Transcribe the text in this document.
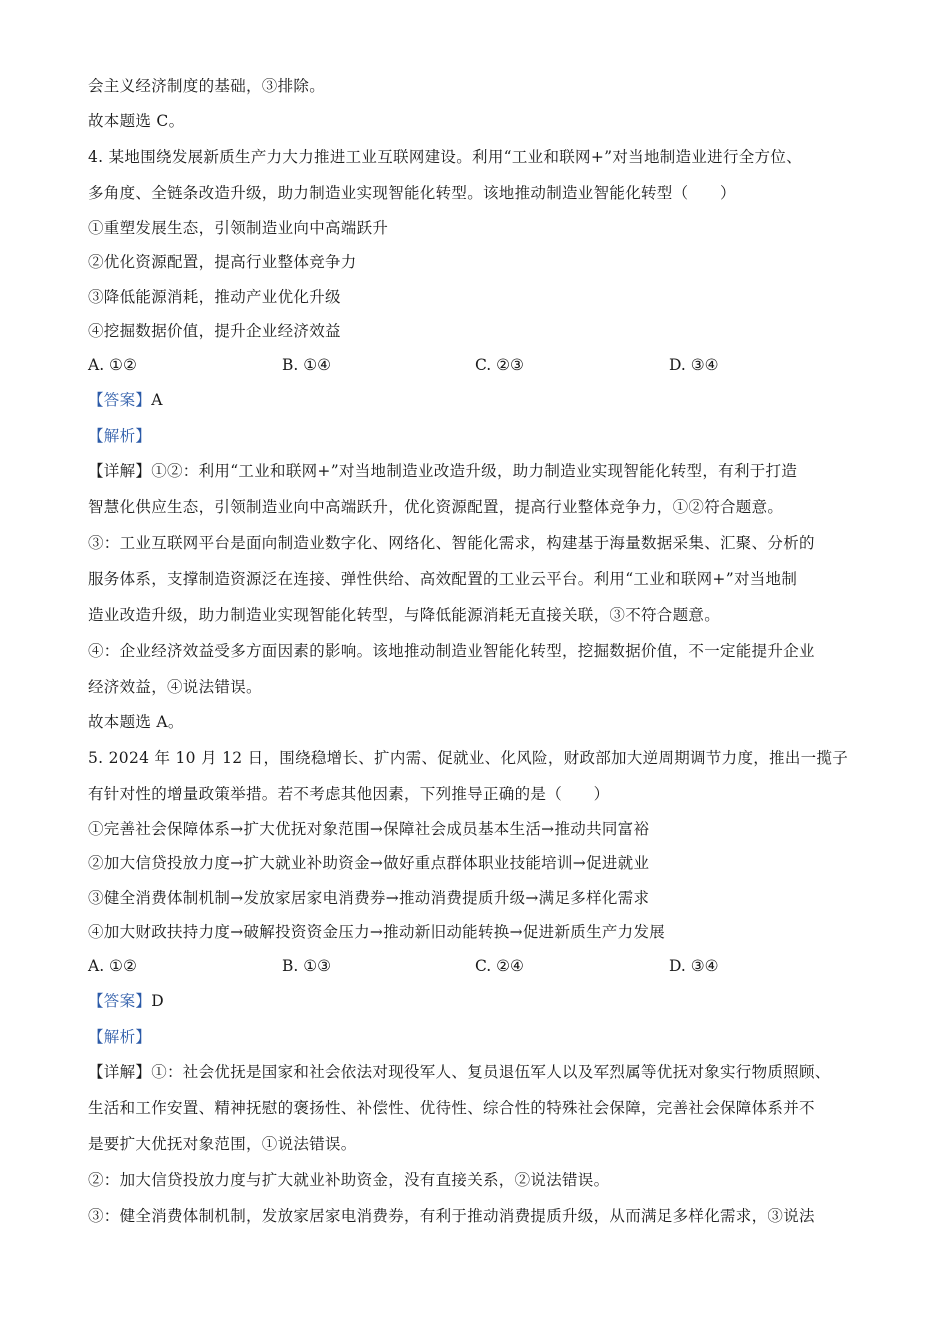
会主义经济制度的基础，③排除。
故本题选 C。
4. 某地围绕发展新质生产力大力推进工业互联网建设。利用“工业和联网+”对当地制造业进行全方位、
多角度、全链条改造升级，助力制造业实现智能化转型。该地推动制造业智能化转型（　　）
①重塑发展生态，引领制造业向中高端跃升
②优化资源配置，提高行业整体竞争力
③降低能源消耗，推动产业优化升级
④挖掘数据价值，提升企业经济效益
A. ①②	B. ①④	C. ②③	D. ③④
【答案】A
【解析】
【详解】①②：利用“工业和联网+”对当地制造业改造升级，助力制造业实现智能化转型，有利于打造
智慧化供应生态，引领制造业向中高端跃升，优化资源配置，提高行业整体竞争力，①②符合题意。
③：工业互联网平台是面向制造业数字化、网络化、智能化需求，构建基于海量数据采集、汇聚、分析的
服务体系，支撑制造资源泛在连接、弹性供给、高效配置的工业云平台。利用“工业和联网+”对当地制
造业改造升级，助力制造业实现智能化转型，与降低能源消耗无直接关联，③不符合题意。
④：企业经济效益受多方面因素的影响。该地推动制造业智能化转型，挖掘数据价值，不一定能提升企业
经济效益，④说法错误。
故本题选 A。
5. 2024 年 10 月 12 日，围绕稳增长、扩内需、促就业、化风险，财政部加大逆周期调节力度，推出一揽子
有针对性的增量政策举措。若不考虑其他因素，下列推导正确的是（　　）
①完善社会保障体系→扩大优抚对象范围→保障社会成员基本生活→推动共同富裕
②加大信贷投放力度→扩大就业补助资金→做好重点群体职业技能培训→促进就业
③健全消费体制机制→发放家居家电消费券→推动消费提质升级→满足多样化需求
④加大财政扶持力度→破解投资资金压力→推动新旧动能转换→促进新质生产力发展
A. ①②	B. ①③	C. ②④	D. ③④
【答案】D
【解析】
【详解】①：社会优抚是国家和社会依法对现役军人、复员退伍军人以及军烈属等优抚对象实行物质照顾、
生活和工作安置、精神抚慰的褒扬性、补偿性、优待性、综合性的特殊社会保障，完善社会保障体系并不
是要扩大优抚对象范围，①说法错误。
②：加大信贷投放力度与扩大就业补助资金，没有直接关系，②说法错误。
③：健全消费体制机制，发放家居家电消费券，有利于推动消费提质升级，从而满足多样化需求，③说法
